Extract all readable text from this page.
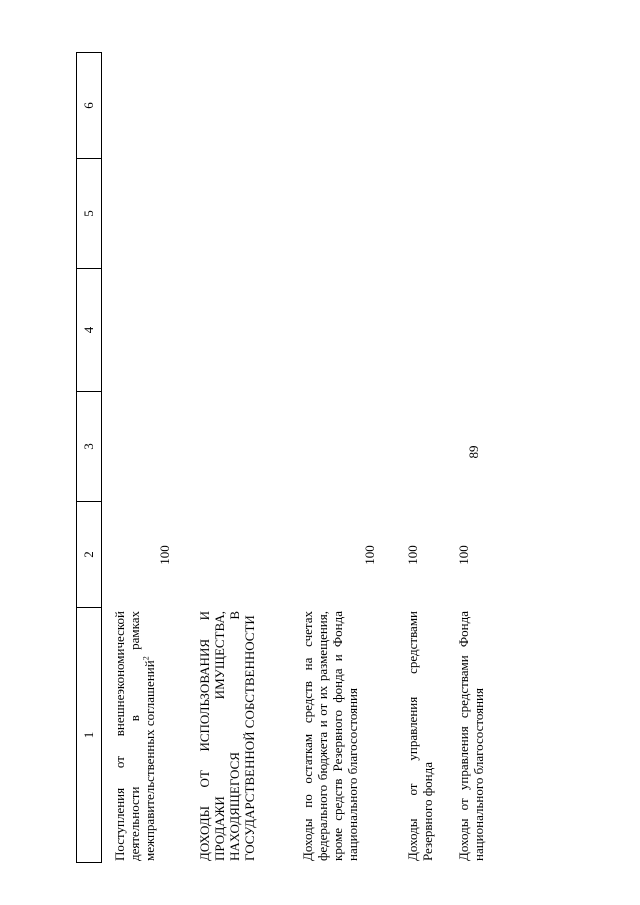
89
1
2
3
4
5
6
Поступления от внешнеэкономической деятельности в рамках межправительственных соглашений$^2$
100
ДОХОДЫ ОТ ИСПОЛЬЗОВАНИЯ И ПРОДАЖИ ИМУЩЕСТВА, НАХОДЯЩЕГОСЯ В ГОСУДАРСТВЕННОЙ СОБСТВЕННОСТИ	Доходы по остаткам средств на счетах федерального бюджета и от их размещения, кроме средств Резервного фонда и Фонда национального благосостояния
100
Доходы от управления средствами Резервного фонда
100
Доходы от управления средствами Фонда национального благосостояния
100
